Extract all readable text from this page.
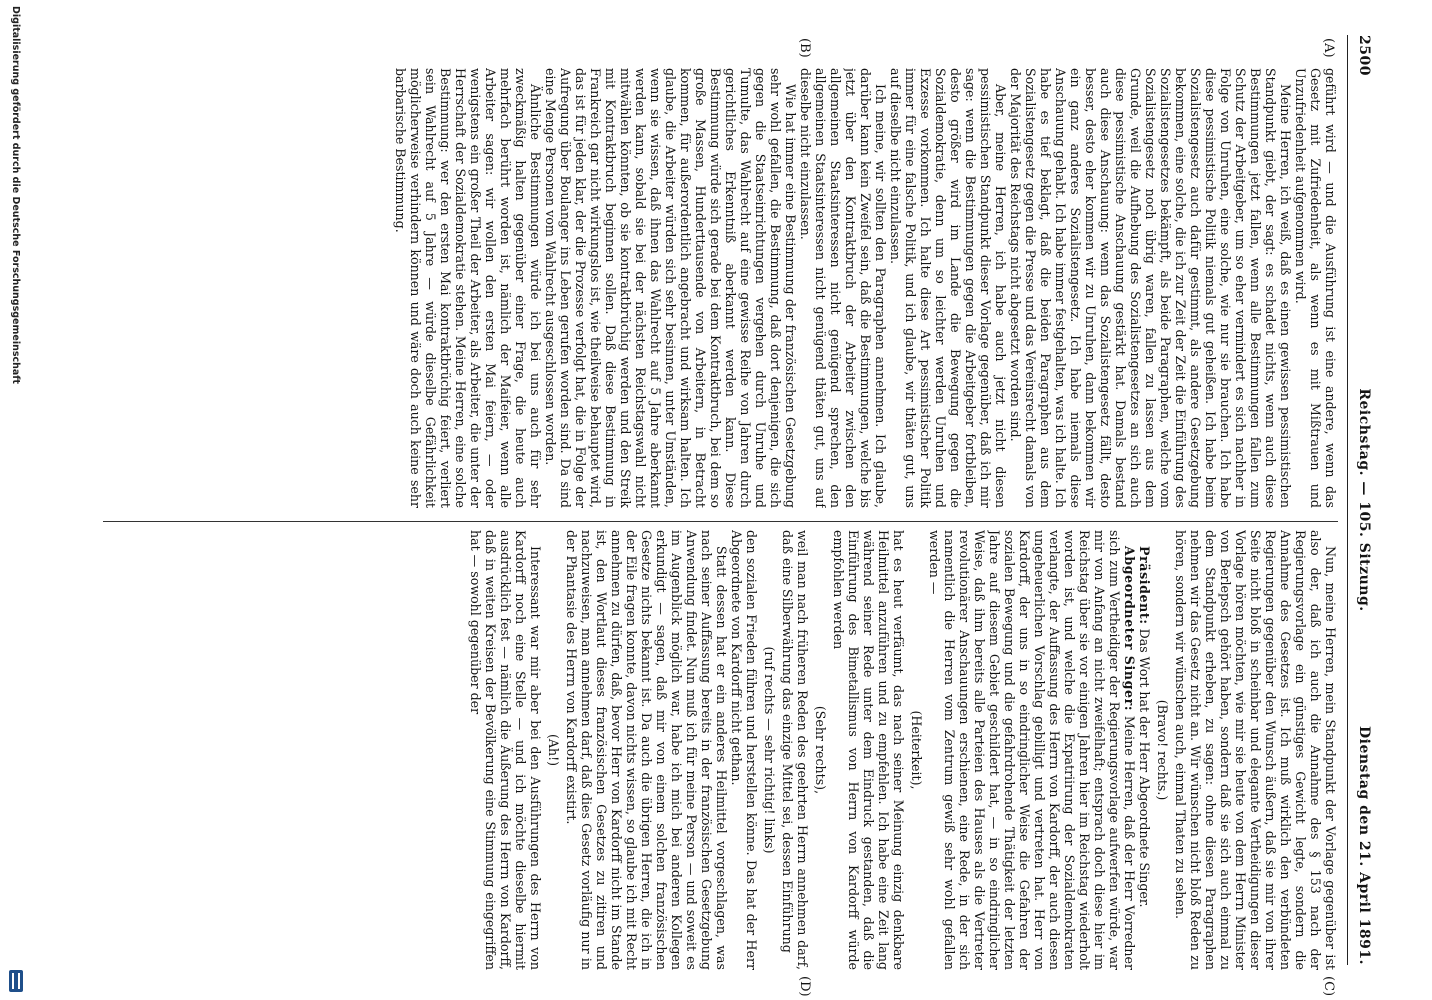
2500
Reichstag. — 105. Sitzung.
Dienstag den 21. April 1891.
(A)
(B)
(C)
(D)

geführt wird — und die Ausführung ist eine andere, wenn das Gesetz mit Zufriedenheit, als wenn es mit Mißtrauen und Unzufriedenheit aufgenommen wird.

Meine Herren, ich weiß, daß es einen gewissen pessimistischen Standpunkt giebt, der sagt: es schadet nichts, wenn auch diese Bestimmungen jetzt fallen, wenn alle Bestimmungen fallen zum Schutz der Arbeitgeber, um so eher vermindert es sich nachher in Folge von Unruhen, eine solche, wie nur sie brauchen. Ich habe diese pessimistische Politik niemals gut geheißen. Ich habe beim Sozialistengesetz auch dafür gestimmt, als andere Gesetzgebung bekommen, eine solche, die ich zur Zeit der Zeit die Einführung des Sozialistengesetzes bekämpft, als beide Paragraphen, welche vom Sozialistengesetz noch übrig waren, fallen zu lassen aus dem Grunde, weil die Aufhebung des Sozialistengesetzes an sich auch diese pessimistische Anschauung gestärkt hat. Damals bestand auch diese Anschauung: wenn das Sozialistengesetz fällt, desto besser, desto eher kommen wir zu Unruhen, dann bekommen wir ein ganz anderes Sozialistengesetz. Ich habe niemals diese Anschauung gehabt. Ich habe immer festgehalten, was ich halte. Ich habe es tief beklagt, daß die beiden Paragraphen aus dem Sozialistengesetz gegen die Presse und das Vereinsrecht damals von der Majorität des Reichstags nicht abgesetzt worden sind.

Aber, meine Herren, ich habe auch jetzt nicht diesen pessimistischen Standpunkt dieser Vorlage gegenüber, daß ich mir sage: wenn die Bestimmungen gegen die Arbeitgeber fortbleiben, desto größer wird im Lande die Bewegung gegen die Sozialdemokratie, denn um so leichter werden Unruhen und Exzesse vorkommen. Ich halte diese Art pessimistischer Politik immer für eine falsche Politik, und ich glaube, wir thäten gut, uns auf dieselbe nicht einzulassen.

Ich meine, wir sollten den Paragraphen annehmen. Ich glaube, darüber kann kein Zweifel sein, daß die Bestimmungen, welche bis jetzt über den Kontraktbruch der Arbeiter zwischen den allgemeinen Staatsinteressen nicht genügend sprechen, den allgemeinen Staatsinteressen nicht genügend thäten gut, uns auf dieselbe nicht einzulassen.

Wie hat immer eine Bestimmung der französischen Gesetzgebung sehr wohl gefallen, die Bestimmung, daß dort denjenigen, die sich gegen die Staatseinrichtungen vergehen durch Unruhe und Tumulte, das Wahlrecht auf eine gewisse Reihe von Jahren durch gerichtliches Erkenntniß aberkannt werden kann. Diese Bestimmung würde sich gerade bei dem Kontraktbruch, bei dem so große Massen, Hunderttausende von Arbeitern, in Betracht kommen, für außerordentlich angebracht und wirksam halten. Ich glaube, die Arbeiter würden sich sehr besinnen, unter Umständen, wenn sie wissen, daß ihnen das Wahlrecht auf 5 Jahre aberkannt werden kann, sobald sie bei der nächsten Reichstagswahl nicht mitwählen könnten, ob sie kontraktbrüchig werden und den Streik mit Kontraktbruch beginnen sollen. Daß diese Bestimmung in Frankreich gar nicht wirkungslos ist, wie theilweise behauptet wird, das ist für jeden klar, der die Prozesse verfolgt hat, die in Folge der Aufregung über Boulanger ins Leben gerufen worden sind. Da sind eine Menge Personen vom Wahlrecht ausgeschlossen worden.

Ähnliche Bestimmungen würde ich bei uns auch für sehr zweckmäßig halten gegenüber einer Frage, die heute auch mehrfach berührt worden ist, nämlich der Maifeier, wenn alle Arbeiter sagen: wir wollen den ersten Mai feiern, — oder wenigstens ein großer Theil der Arbeiter, als Arbeiter, die unter der Herrschaft der Sozialdemokratie stehen. Meine Herren, eine solche Bestimmung: wer den ersten Mai kontraktbrüchig feiert, verliert sein Wahlrecht auf 5 Jahre — würde dieselbe Gefährlichkeit möglicherweise verhindern können und wäre doch auch keine sehr barbarische Bestimmung.

Nun, meine Herren, mein Standpunkt der Vorlage gegenüber ist also der, daß ich auch die Annahme des § 153 nach der Regierungsvorlage ein günstiges Gewicht legte, sondern die Annahme des Gesetzes ist. Ich muß wirklich den verbündeten Regierungen gegenüber den Wunsch äußern, daß sie mir von ihrer Seite nicht bloß in scheinbar und elegante Vertheidigungen dieser Vorlage hören möchten, wie mir sie heute von dem Herrn Minister von Berlepsch gehört haben, sondern daß sie sich auch einmal zu dem Standpunkt erheben, zu sagen: ohne diesen Paragraphen nehmen wir das Gesetz nicht an. Wir wünschen nicht bloß Reden zu hören, sondern wir wünschen auch, einmal Thaten zu sehen.

(Bravo! rechts.)

Präsident: Das Wort hat der Herr Abgeordnete Singer.

Abgeordneter Singer: Meine Herren, daß der Herr Vorredner sich zum Vertheidiger der Regierungsvorlage aufwerfen würde, war mir von Anfang an nicht zweifelhaft; entsprach doch diese hier im Reichstag über sie vor einigen Jahren hier im Reichstag wiederholt worden ist, und welche die Expatriirung der Sozialdemokraten verlangte, der Auffassung des Herrn von Kardorff, der auch diesen ungeheuerlichen Vorschlag gebilligt und vertreten hat. Herr von Kardorff, der uns in so eindringlicher Weise die Gefahren der sozialen Bewegung und die gefahrdrohende Thätigkeit der letzten Jahre auf diesem Gebiet geschildert hat, — in so eindringlicher Weise, daß ihm bereits alle Parteien des Hauses als die Vertreter revolutionärer Anschauungen erschienen, eine Rede, in der sich namentlich die Herren vom Zentrum gewiß sehr wohl gefallen werden —

(Heiterkeit),

hat es heut verfäumt, das nach seiner Meinung einzig denkbare Heilmittel anzuführen und zu empfehlen. Ich habe eine Zeit lang während seiner Rede unter dem Eindruck gestanden, daß die Einführung des Bimetallismus von Herrn von Kardorff würde empfohlen werden

(Sehr rechts),

weil man nach früheren Reden des geehrten Herrn annehmen darf, daß eine Silberwährung das einzige Mittel sei, dessen Einführung

(ruf rechts — sehr richtig! links)

den sozialen Frieden führen und herstellen könne. Das hat der Herr Abgeordnete von Kardorff nicht gethan.

Statt dessen hat er ein anderes Heilmittel vorgeschlagen, was nach seiner Auffassung bereits in der französischen Gesetzgebung Anwendung findet. Nun muß ich für meine Person — und soweit es im Augenblick möglich war, habe ich mich bei anderen Kollegen erkundigt — sagen, daß mir von einem solchen französischen Gesetze nichts bekannt ist. Da auch die übrigen Herren, die ich in der Eile fragen konnte, davon nichts wissen, so glaube ich mit Recht annehmen zu dürfen, daß, bevor Herr von Kardorff nicht im Stande ist, den Wortlaut dieses französischen Gesetzes zu zitiren und nachzuweisen, man annehmen darf, daß dies Gesetz vorläufig nur in der Phantasie des Herrn von Kardorff existirt.

(Ah!)

Interessant war mir aber bei den Ausführungen des Herrn von Kardorff noch eine Stelle — und ich möchte dieselbe hiermit ausdrücklich fest — nämlich die Äußerung des Herrn von Kardorff, daß in weiten Kreisen der Bevölkerung eine Stimmung eingegriffen hat — sowohl gegenüber der

Digitalisierung gefördert durch die Deutsche Forschungsgemeinschaft
